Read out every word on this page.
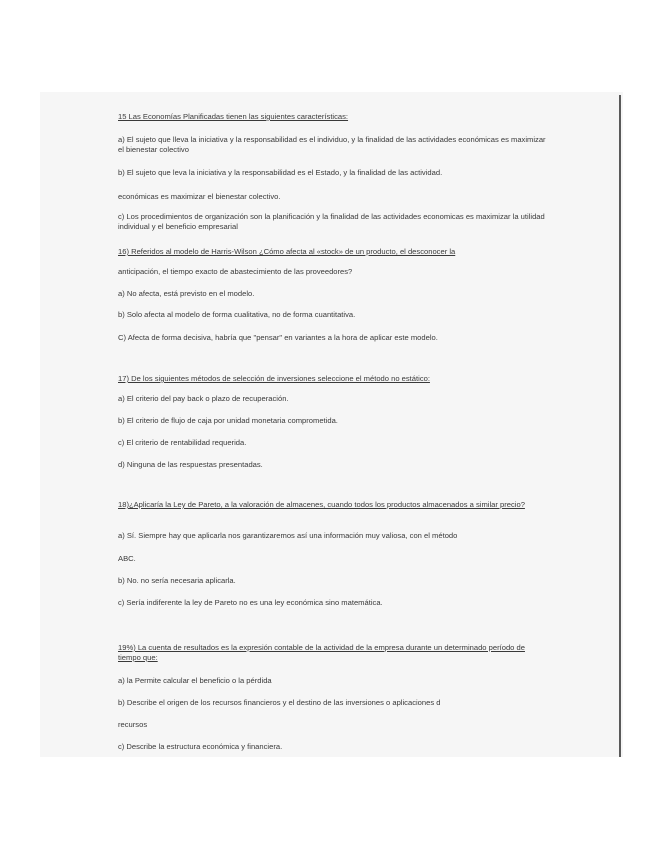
15 Las Economías Planificadas tienen las siguientes características:

a) El sujeto que lleva la iniciativa y la responsabilidad es el individuo, y la finalidad de las actividades económicas es maximizar el bienestar colectivo

b) El sujeto que leva la iniciativa y la responsabilidad es el Estado, y la finalidad de las actividad.

económicas es maximizar el bienestar colectivo.

c) Los procedimientos de organización son la planificación y la finalidad de las actividades economicas es maximizar la utilidad individual y el beneficio empresarial

16) Referidos al modelo de Harris-Wilson ¿Cómo afecta al «stock» de un producto, el desconocer la

anticipación, el tiempo exacto de abastecimiento de las proveedores?

a) No afecta, está previsto en el modelo.

b) Solo afecta al modelo de forma cualitativa, no de forma cuantitativa.

C) Afecta de forma decisiva, habría que "pensar" en variantes a la hora de aplicar este modelo.

17) De los siguientes métodos de selección de inversiones seleccione el método no estático:

a) El criterio del pay back o plazo de recuperación.

b) El criterio de flujo de caja por unidad monetaria comprometida.

c) El criterio de rentabilidad requerida.

d) Ninguna de las respuestas presentadas.

18)¿Aplicaría la Ley de Pareto, a la valoración de almacenes, cuando todos los productos almacenados a similar precio?

a) Sí. Siempre hay que aplicarla nos garantizaremos así una información muy valiosa, con el método

ABC.

b) No. no sería necesaria aplicarla.

c) Sería indiferente la ley de Pareto no es una ley económica sino matemática.

19%) La cuenta de resultados es la expresión contable de la actividad de la empresa durante un determinado período de tiempo que:

a) la Permite calcular el beneficio o la pérdida

b) Describe el origen de los recursos financieros y el destino de las inversiones o aplicaciones d

recursos

c) Describe la estructura económica y financiera.
